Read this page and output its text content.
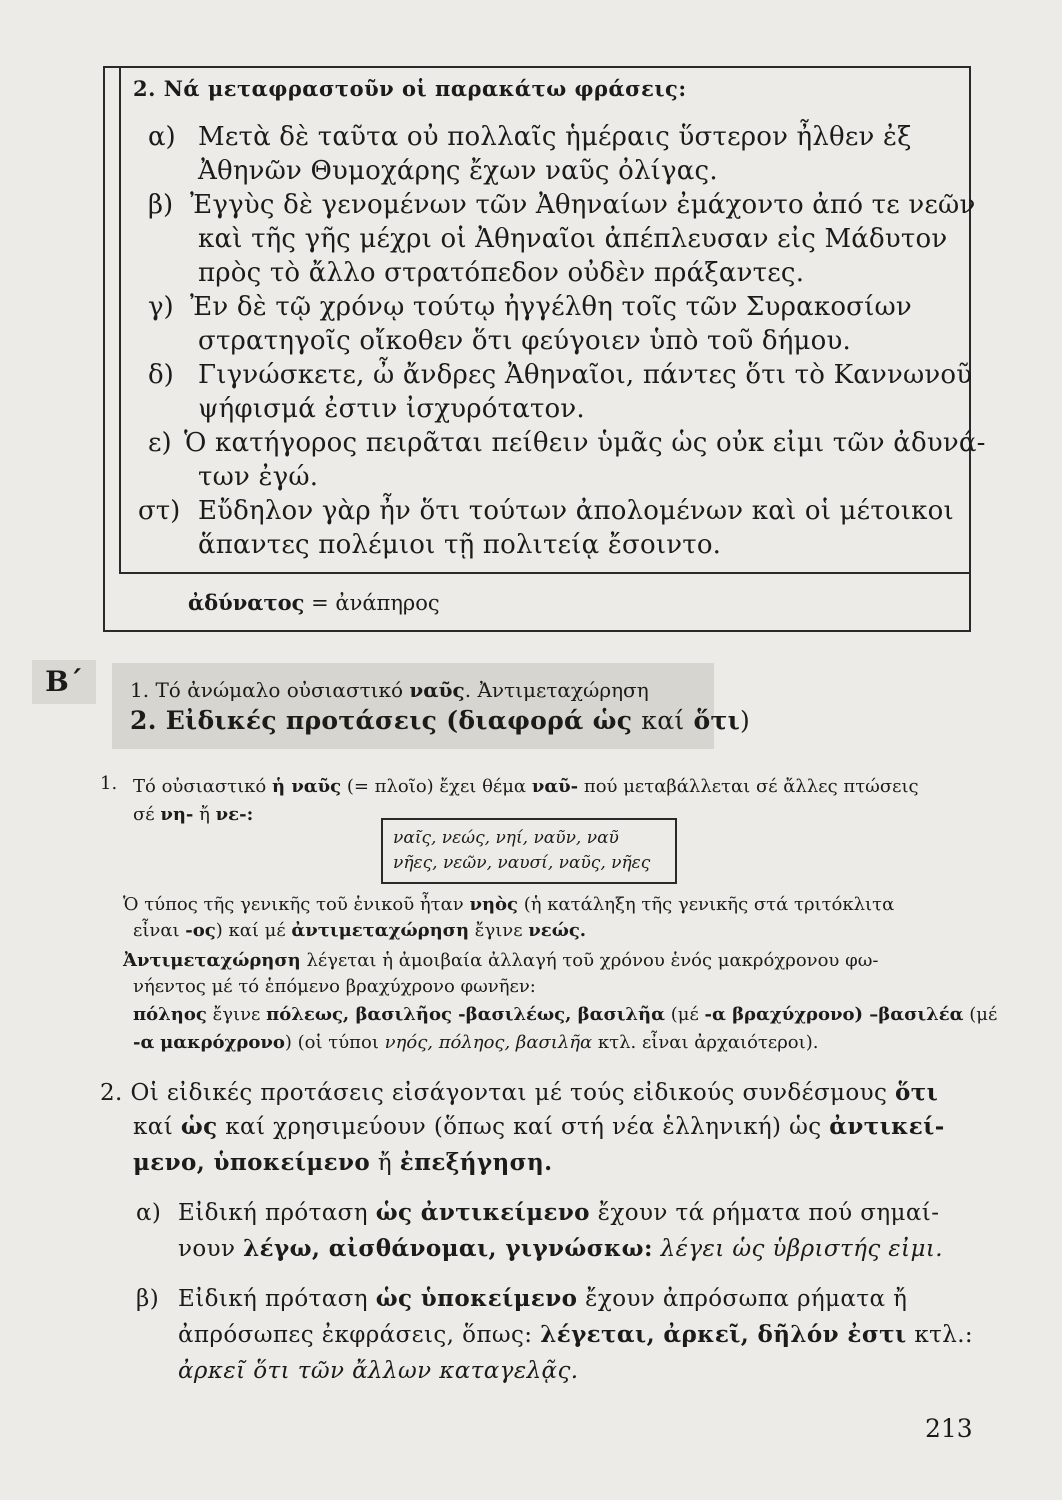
2. Νά μεταφραστοῦν οἱ παρακάτω φράσεις:
α) Μετὰ δὲ ταῦτα οὐ πολλαῖς ἡμέραις ὕστερον ἦλθεν ἐξ
Ἀθηνῶν Θυμοχάρης ἔχων ναῦς ὀλίγας.
β) Ἐγγὺς δὲ γενομένων τῶν Ἀθηναίων ἐμάχοντο ἀπό τε νεῶν
καὶ τῆς γῆς μέχρι οἱ Ἀθηναῖοι ἀπέπλευσαν εἰς Μάδυτον
πρὸς τὸ ἄλλο στρατόπεδον οὐδὲν πράξαντες.
γ) Ἐν δὲ τῷ χρόνῳ τούτῳ ἠγγέλθη τοῖς τῶν Συρακοσίων
στρατηγοῖς οἴκοθεν ὅτι φεύγοιεν ὑπὸ τοῦ δήμου.
δ) Γιγνώσκετε, ὦ ἄνδρες Ἀθηναῖοι, πάντες ὅτι τὸ Καννωνοῦ
ψήφισμά ἐστιν ἰσχυρότατον.
ε) Ὁ κατήγορος πειρᾶται πείθειν ὑμᾶς ὡς οὐκ εἰμι τῶν ἀδυνά-
των ἐγώ.
στ) Εὔδηλον γὰρ ἦν ὅτι τούτων ἀπολομένων καὶ οἱ μέτοικοι
ἅπαντες πολέμιοι τῇ πολιτείᾳ ἔσοιντο.
ἀδύνατος = ἀνάπηρος
Β΄	1. Τό ἀνώμαλο οὐσιαστικό ναῦς. Ἀντιμεταχώρηση
2. Εἰδικές προτάσεις (διαφορά ὡς καί ὅτι)
1. Τό οὐσιαστικό ἡ ναῦς (= πλοῖο) ἔχει θέμα ναῦ- πού μεταβάλλεται σέ ἄλλες πτώσεις
σέ νη- ἤ νε-:
ναῖς, νεώς, νηί, ναῦν, ναῦ
νῆες, νεῶν, ναυσί, ναῦς, νῆες
Ὁ τύπος τῆς γενικῆς τοῦ ἑνικοῦ ἦταν νηὸς (ἡ κατάληξη τῆς γενικῆς στά τριτόκλιτα
εἶναι -ος) καί μέ ἀντιμεταχώρηση ἔγινε νεώς.
Ἀντιμεταχώρηση λέγεται ἡ ἀμοιβαία ἀλλαγή τοῦ χρόνου ἑνός μακρόχρονου φω-
νήεντος μέ τό ἑπόμενο βραχύχρονο φωνῆεν:
πόληος ἔγινε πόλεως, βασιλῆος -βασιλέως, βασιλῆα (μέ -α βραχύχρονο) –βασιλέα (μέ
-α μακρόχρονο) (οἱ τύποι νηός, πόληος, βασιλῆα κτλ. εἶναι ἀρχαιότεροι).
2. Οἱ εἰδικές προτάσεις εἰσάγονται μέ τούς εἰδικούς συνδέσμους ὅτι
καί ὡς καί χρησιμεύουν (ὅπως καί στή νέα ἑλληνική) ὡς ἀντικεί-
μενο, ὑποκείμενο ἤ ἐπεξήγηση.
α) Εἰδική πρόταση ὡς ἀντικείμενο ἔχουν τά ρήματα πού σημαί-
νουν λέγω, αἰσθάνομαι, γιγνώσκω: λέγει ὡς ὑβριστής εἰμι.
β) Εἰδική πρόταση ὡς ὑποκείμενο ἔχουν ἀπρόσωπα ρήματα ἤ
ἀπρόσωπες ἐκφράσεις, ὅπως: λέγεται, ἀρκεῖ, δῆλόν ἐστι κτλ.:
ἀρκεῖ ὅτι τῶν ἄλλων καταγελᾷς.
213
